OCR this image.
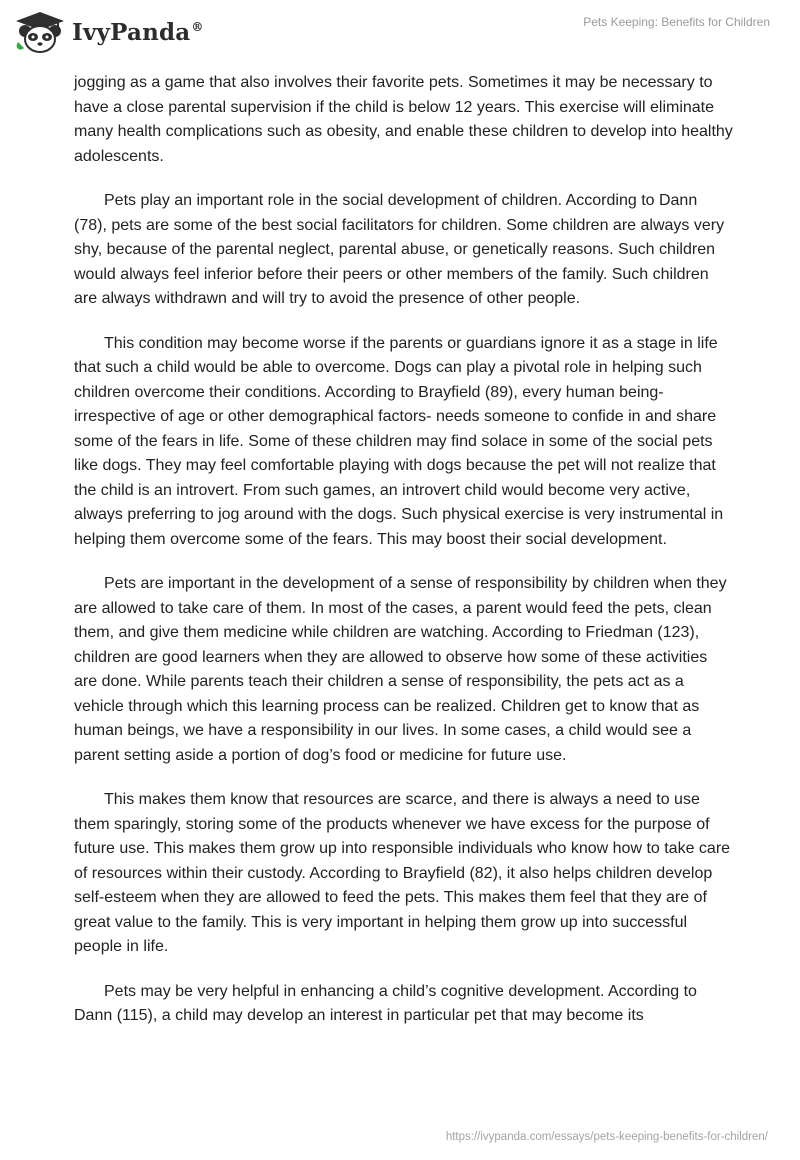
IvyPanda®	Pets Keeping: Benefits for Children

jogging as a game that also involves their favorite pets. Sometimes it may be necessary to have a close parental supervision if the child is below 12 years. This exercise will eliminate many health complications such as obesity, and enable these children to develop into healthy adolescents.

Pets play an important role in the social development of children. According to Dann (78), pets are some of the best social facilitators for children. Some children are always very shy, because of the parental neglect, parental abuse, or genetically reasons. Such children would always feel inferior before their peers or other members of the family. Such children are always withdrawn and will try to avoid the presence of other people.

This condition may become worse if the parents or guardians ignore it as a stage in life that such a child would be able to overcome. Dogs can play a pivotal role in helping such children overcome their conditions. According to Brayfield (89), every human being- irrespective of age or other demographical factors- needs someone to confide in and share some of the fears in life. Some of these children may find solace in some of the social pets like dogs. They may feel comfortable playing with dogs because the pet will not realize that the child is an introvert. From such games, an introvert child would become very active, always preferring to jog around with the dogs. Such physical exercise is very instrumental in helping them overcome some of the fears. This may boost their social development.

Pets are important in the development of a sense of responsibility by children when they are allowed to take care of them. In most of the cases, a parent would feed the pets, clean them, and give them medicine while children are watching. According to Friedman (123), children are good learners when they are allowed to observe how some of these activities are done. While parents teach their children a sense of responsibility, the pets act as a vehicle through which this learning process can be realized. Children get to know that as human beings, we have a responsibility in our lives. In some cases, a child would see a parent setting aside a portion of dog’s food or medicine for future use.

This makes them know that resources are scarce, and there is always a need to use them sparingly, storing some of the products whenever we have excess for the purpose of future use. This makes them grow up into responsible individuals who know how to take care of resources within their custody. According to Brayfield (82), it also helps children develop self-esteem when they are allowed to feed the pets. This makes them feel that they are of great value to the family. This is very important in helping them grow up into successful people in life.

Pets may be very helpful in enhancing a child’s cognitive development. According to Dann (115), a child may develop an interest in particular pet that may become its

https://ivypanda.com/essays/pets-keeping-benefits-for-children/
